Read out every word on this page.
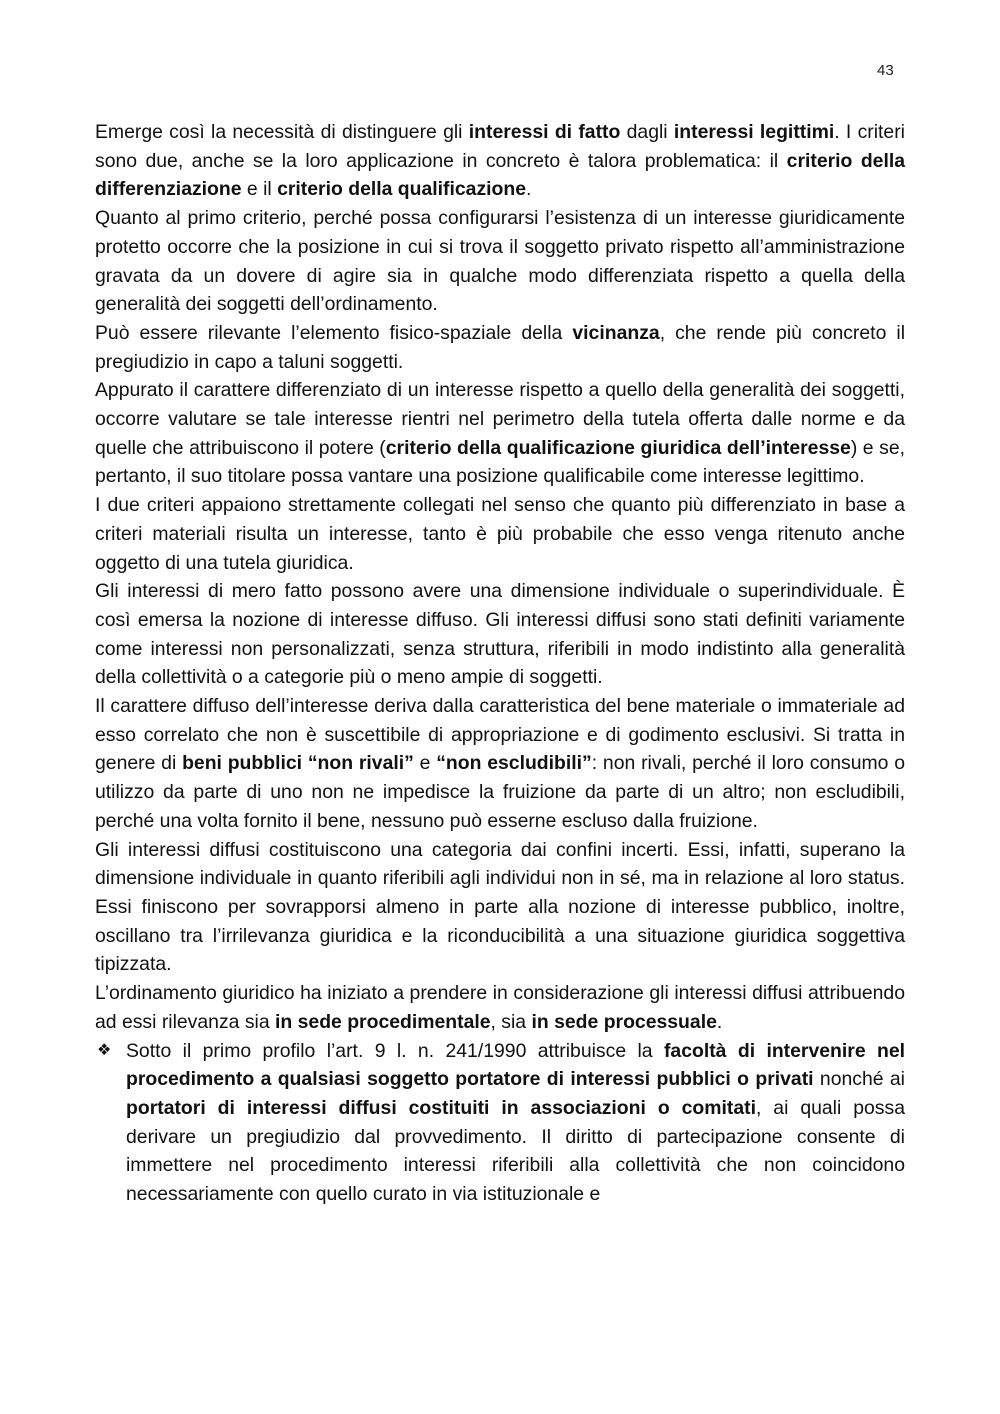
43

Emerge così la necessità di distinguere gli interessi di fatto dagli interessi legittimi. I criteri sono due, anche se la loro applicazione in concreto è talora problematica: il criterio della differenziazione e il criterio della qualificazione.

Quanto al primo criterio, perché possa configurarsi l’esistenza di un interesse giuridicamente protetto occorre che la posizione in cui si trova il soggetto privato rispetto all’amministrazione gravata da un dovere di agire sia in qualche modo differenziata rispetto a quella della generalità dei soggetti dell’ordinamento.

Può essere rilevante l’elemento fisico-spaziale della vicinanza, che rende più concreto il pregiudizio in capo a taluni soggetti.

Appurato il carattere differenziato di un interesse rispetto a quello della generalità dei soggetti, occorre valutare se tale interesse rientri nel perimetro della tutela offerta dalle norme e da quelle che attribuiscono il potere (criterio della qualificazione giuridica dell’interesse) e se, pertanto, il suo titolare possa vantare una posizione qualificabile come interesse legittimo.

I due criteri appaiono strettamente collegati nel senso che quanto più differenziato in base a criteri materiali risulta un interesse, tanto è più probabile che esso venga ritenuto anche oggetto di una tutela giuridica.

Gli interessi di mero fatto possono avere una dimensione individuale o superindividuale. È così emersa la nozione di interesse diffuso. Gli interessi diffusi sono stati definiti variamente come interessi non personalizzati, senza struttura, riferibili in modo indistinto alla generalità della collettività o a categorie più o meno ampie di soggetti.

Il carattere diffuso dell’interesse deriva dalla caratteristica del bene materiale o immateriale ad esso correlato che non è suscettibile di appropriazione e di godimento esclusivi. Si tratta in genere di beni pubblici “non rivali” e “non escludibili”: non rivali, perché il loro consumo o utilizzo da parte di uno non ne impedisce la fruizione da parte di un altro; non escludibili, perché una volta fornito il bene, nessuno può esserne escluso dalla fruizione.

Gli interessi diffusi costituiscono una categoria dai confini incerti. Essi, infatti, superano la dimensione individuale in quanto riferibili agli individui non in sé, ma in relazione al loro status. Essi finiscono per sovrapporsi almeno in parte alla nozione di interesse pubblico, inoltre, oscillano tra l’irrilevanza giuridica e la riconducibilità a una situazione giuridica soggettiva tipizzata.

L’ordinamento giuridico ha iniziato a prendere in considerazione gli interessi diffusi attribuendo ad essi rilevanza sia in sede procedimentale, sia in sede processuale.

❖ Sotto il primo profilo l’art. 9 l. n. 241/1990 attribuisce la facoltà di intervenire nel procedimento a qualsiasi soggetto portatore di interessi pubblici o privati nonché ai portatori di interessi diffusi costituiti in associazioni o comitati, ai quali possa derivare un pregiudizio dal provvedimento. Il diritto di partecipazione consente di immettere nel procedimento interessi riferibili alla collettività che non coincidono necessariamente con quello curato in via istituzionale e
